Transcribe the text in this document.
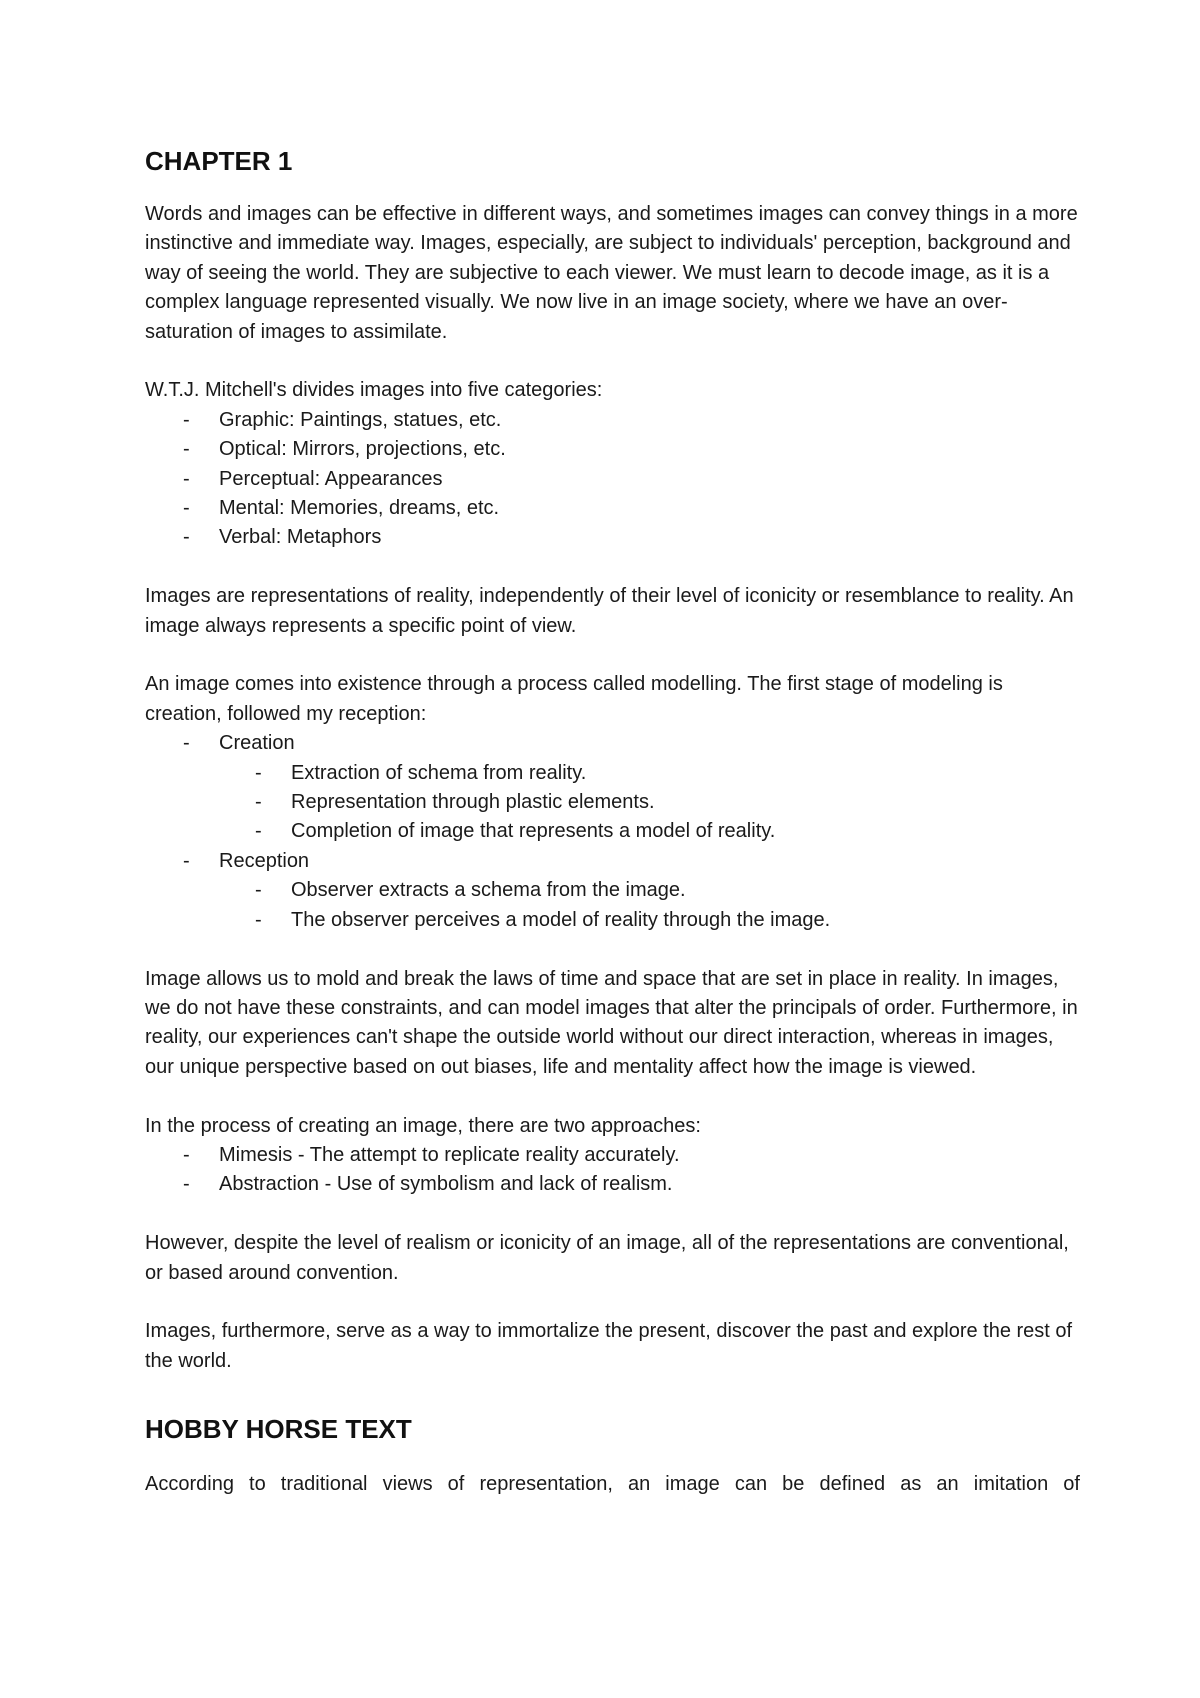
CHAPTER 1

Words and images can be effective in different ways, and sometimes images can convey things in a more instinctive and immediate way. Images, especially, are subject to individuals' perception, background and way of seeing the world. They are subjective to each viewer. We must learn to decode image, as it is a complex language represented visually. We now live in an image society, where we have an over-saturation of images to assimilate.

W.T.J. Mitchell's divides images into five categories:

- Graphic: Paintings, statues, etc.
- Optical: Mirrors, projections, etc.
- Perceptual: Appearances
- Mental: Memories, dreams, etc.
- Verbal: Metaphors

Images are representations of reality, independently of their level of iconicity or resemblance to reality. An image always represents a specific point of view.

An image comes into existence through a process called modelling. The first stage of modeling is creation, followed my reception:

- Creation
- Extraction of schema from reality.
- Representation through plastic elements.
- Completion of image that represents a model of reality.
- Reception
- Observer extracts a schema from the image.
- The observer perceives a model of reality through the image.

Image allows us to mold and break the laws of time and space that are set in place in reality. In images, we do not have these constraints, and can model images that alter the principals of order. Furthermore, in reality, our experiences can't shape the outside world without our direct interaction, whereas in images, our unique perspective based on out biases, life and mentality affect how the image is viewed.

In the process of creating an image, there are two approaches:

- Mimesis - The attempt to replicate reality accurately.
- Abstraction - Use of symbolism and lack of realism.

However, despite the level of realism or iconicity of an image, all of the representations are conventional, or based around convention.

Images, furthermore, serve as a way to immortalize the present, discover the past and explore the rest of the world.

HOBBY HORSE TEXT

According to traditional views of representation, an image can be defined as an imitation of
